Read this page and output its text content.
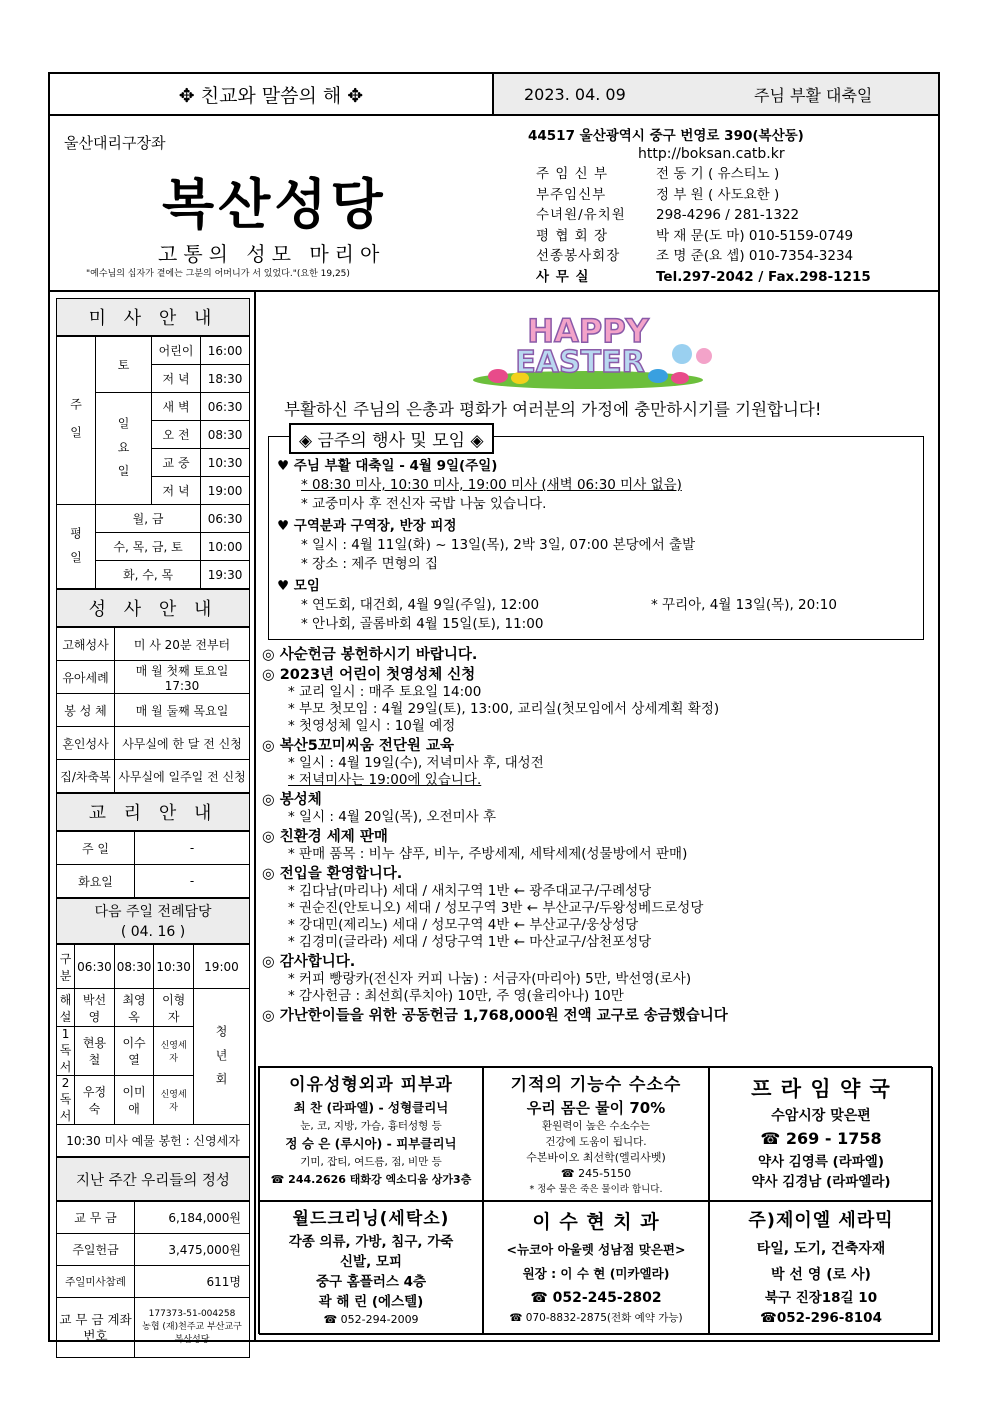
✥ 친교와 말씀의 해 ✥	2023. 04. 09	주님 부활 대축일
울산대리구장좌
복산성당
고통의 성모 마리아
"예수님의 십자가 곁에는 그분의 어머니가 서 있었다."(요한 19,25)
44517 울산광역시 중구 번영로 390(복산동)
http://boksan.catb.kr
주 임 신 부	전 동 기 ( 유스티노 )
부주임신부	정 부 원 ( 사도요한 )
수녀원/유치원	298-4296 / 281-1322
평 협 회 장	박 재 문(도 마) 010-5159-0749
선종봉사회장	조 명 준(요 셉) 010-7354-3234
사 무 실	Tel.297-2042 / Fax.298-1215
미 사 안 내
주 일	토	어린이	16:00
		저 녁	18:30
	일 요 일	새 벽	06:30
		오 전	08:30
		교 중	10:30
		저 녁	19:00
평 일	월, 금		06:30
	수, 목, 금, 토		10:00
	화, 수, 목		19:30
성 사 안 내
고해성사	미 사 20분 전부터
유아세례	매 월 첫째 토요일 17:30
봉 성 체	매 월 둘째 목요일
혼인성사	사무실에 한 달 전 신청
집/차축복	사무실에 일주일 전 신청
교 리 안 내
주 일	-
화요일	-
다음 주일 전례담당
( 04. 16 )
구 분	06:30	08:30	10:30	19:00
해 설	박선영	최영옥	이형자	청 년 회
1독서	현용철	이수열	신영세자	
2독서	우정숙	이미애	신영세자	
10:30 미사 예물 봉헌 : 신영세자				
지난 주간 우리들의 정성
교 무 금	6,184,000원
주일헌금	3,475,000원
주일미사참례	611명
교 무 금 계좌번호	177373-51-004258
농협 (재)천주교 부산교구 복산성당
HAPPY
EASTER
부활하신 주님의 은총과 평화가 여러분의 가정에 충만하시기를 기원합니다!
◈ 금주의 행사 및 모임 ◈
♥ 주님 부활 대축일 - 4월 9일(주일)
* 08:30 미사, 10:30 미사, 19:00 미사 (새벽 06:30 미사 없음)
* 교중미사 후 전신자 국밥 나눔 있습니다.
♥ 구역분과 구역장, 반장 피정
* 일시 : 4월 11일(화) ~ 13일(목), 2박 3일, 07:00 본당에서 출발
* 장소 : 제주 면형의 집
♥ 모임
* 연도회, 대건회, 4월 9일(주일), 12:00	* 꾸리아, 4월 13일(목), 20:10
* 안나회, 골롬바회 4월 15일(토), 11:00
◎ 사순헌금 봉헌하시기 바랍니다.
◎ 2023년 어린이 첫영성체 신청
* 교리 일시 : 매주 토요일 14:00
* 부모 첫모임 : 4월 29일(토), 13:00, 교리실(첫모임에서 상세계획 확정)
* 첫영성체 일시 : 10월 예정
◎ 복산5꼬미씨움 전단원 교육
* 일시 : 4월 19일(수), 저녁미사 후, 대성전
* 저녁미사는 19:00에 있습니다.
◎ 봉성체
* 일시 : 4월 20일(목), 오전미사 후
◎ 친환경 세제 판매
* 판매 품목 : 비누 샴푸, 비누, 주방세제, 세탁세제(성물방에서 판매)
◎ 전입을 환영합니다.
* 김다남(마리나) 세대 / 새치구역 1반 ← 광주대교구/구례성당
* 권순진(안토니오) 세대 / 성모구역 3반 ← 부산교구/두왕성베드로성당
* 강대민(제리노) 세대 / 성모구역 4반 ← 부산교구/웅상성당
* 김경미(글라라) 세대 / 성당구역 1반 ← 마산교구/삼천포성당
◎ 감사합니다.
* 커피 빵랑카(전신자 커피 나눔) : 서금자(마리아) 5만, 박선영(로사)
* 감사헌금 : 최선희(루치아) 10만, 주 영(율리아나) 10만
◎ 가난한이들을 위한 공동헌금 1,768,000원 전액 교구로 송금했습니다
이유성형외과 피부과
최 찬 (라파엘) - 성형클리닉
눈, 코, 지방, 가슴, 흉터성형 등
정 승 은 (루시아) - 피부클리닉
기미, 잡티, 여드름, 점, 비만 등
☎ 244.2626 태화강 엑소디움 상가3층
기적의 기능수 수소수
우리 몸은 물이 70%
환원력이 높은 수소수는
건강에 도움이 됩니다.
수본바이오 최선학(엘리사벳)
☎ 245-5150
* 정수 물은 죽은 물이라 합니다.
프 라 임 약 국
수암시장 맞은편
☎ 269 - 1758
약사 김영륵 (라파엘)
약사 김경남 (라파엘라)
월드크리닝(세탁소)
각종 의류, 가방, 침구, 가죽
신발, 모피
중구 홈플러스 4층
곽 해 린 (에스텔)
☎ 052-294-2009
이 수 현 치 과
<뉴코아 아울렛 성남점 맞은편>
원장 : 이 수 현 (미카엘라)
☎ 052-245-2802
☎ 070-8832-2875(전화 예약 가능)
주)제이엘 세라믹
타일, 도기, 건축자재
박 선 영 (로 사)
북구 진장18길 10
☎052-296-8104
